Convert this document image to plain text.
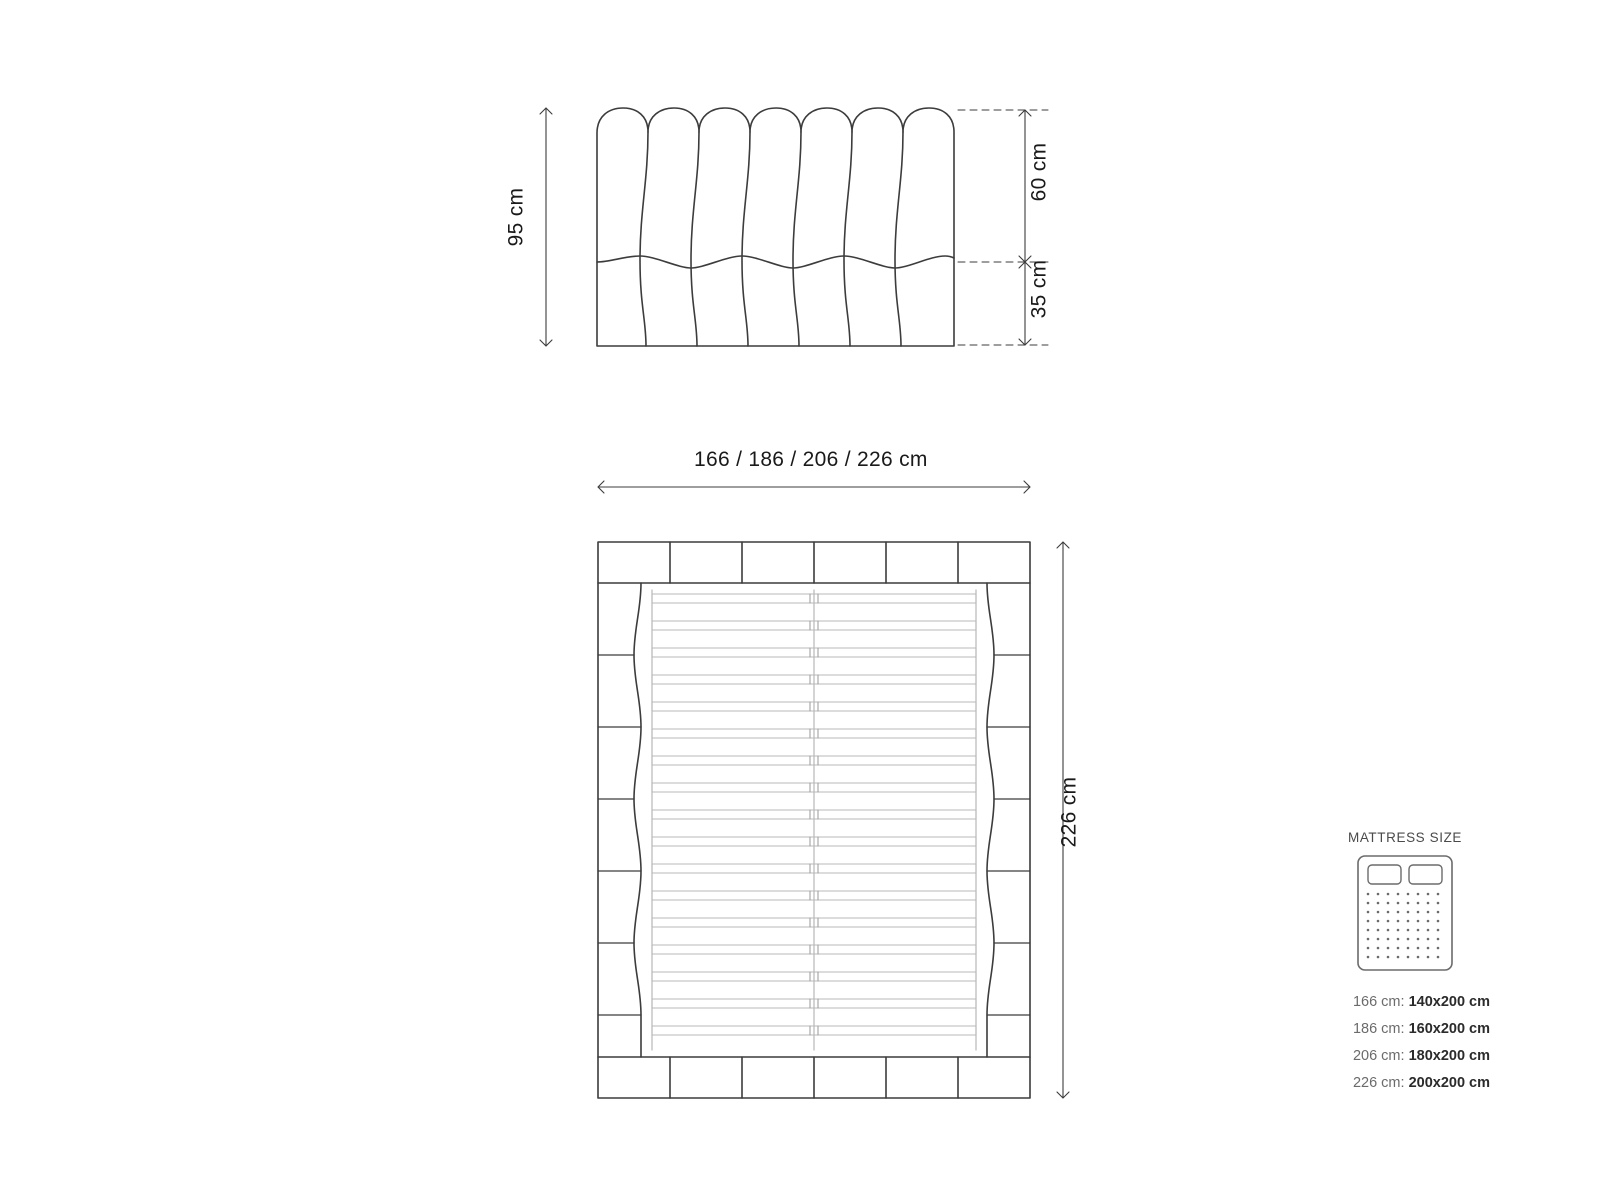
95 cm
60 cm
35 cm
166 / 186 / 206 / 226 cm
226 cm	MATTRESS SIZE
166 cm: 140x200 cm
186 cm: 160x200 cm
206 cm: 180x200 cm
226 cm: 200x200 cm
